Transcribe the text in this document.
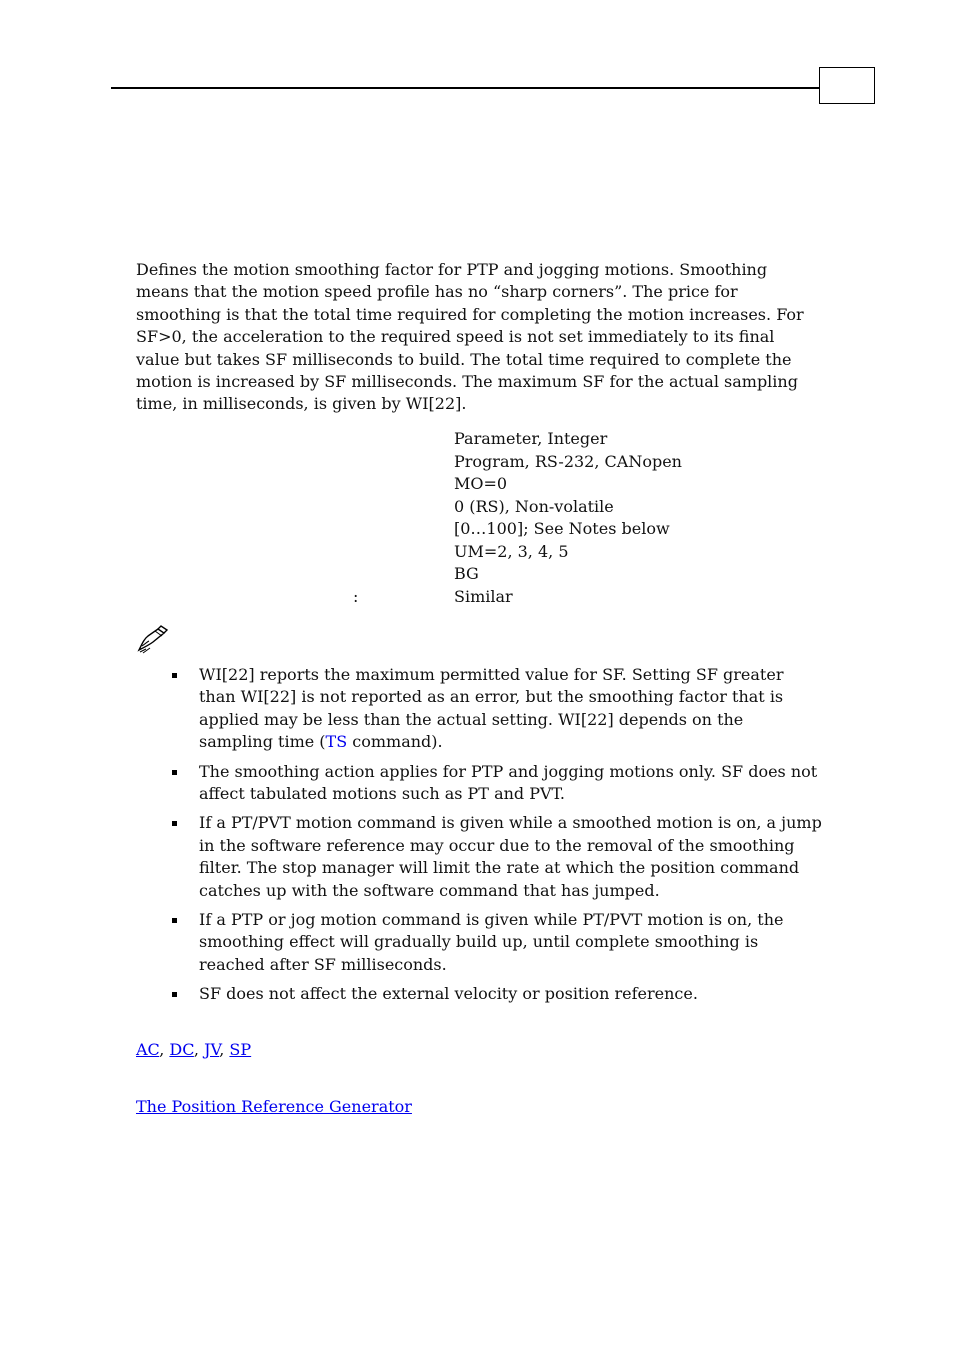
Defines the motion smoothing factor for PTP and jogging motions. Smoothing means that the motion speed profile has no “sharp corners”. The price for smoothing is that the total time required for completing the motion increases. For SF>0, the acceleration to the required speed is not set immediately to its final value but takes SF milliseconds to build. The total time required to complete the motion is increased by SF milliseconds. The maximum SF for the actual sampling time, in milliseconds, is given by WI[22].

Parameter, Integer
Program, RS-232, CANopen
MO=0
0 (RS), Non-volatile
[0…100]; See Notes below
UM=2, 3, 4, 5
BG
Similar
:
WI[22] reports the maximum permitted value for SF. Setting SF greater than WI[22] is not reported as an error, but the smoothing factor that is applied may be less than the actual setting. WI[22] depends on the sampling time (TS command).
The smoothing action applies for PTP and jogging motions only. SF does not affect tabulated motions such as PT and PVT.
If a PT/PVT motion command is given while a smoothed motion is on, a jump in the software reference may occur due to the removal of the smoothing filter. The stop manager will limit the rate at which the position command catches up with the software command that has jumped.
If a PTP or jog motion command is given while PT/PVT motion is on, the smoothing effect will gradually build up, until complete smoothing is reached after SF milliseconds.
SF does not affect the external velocity or position reference.
AC, DC, JV, SP
The Position Reference Generator
